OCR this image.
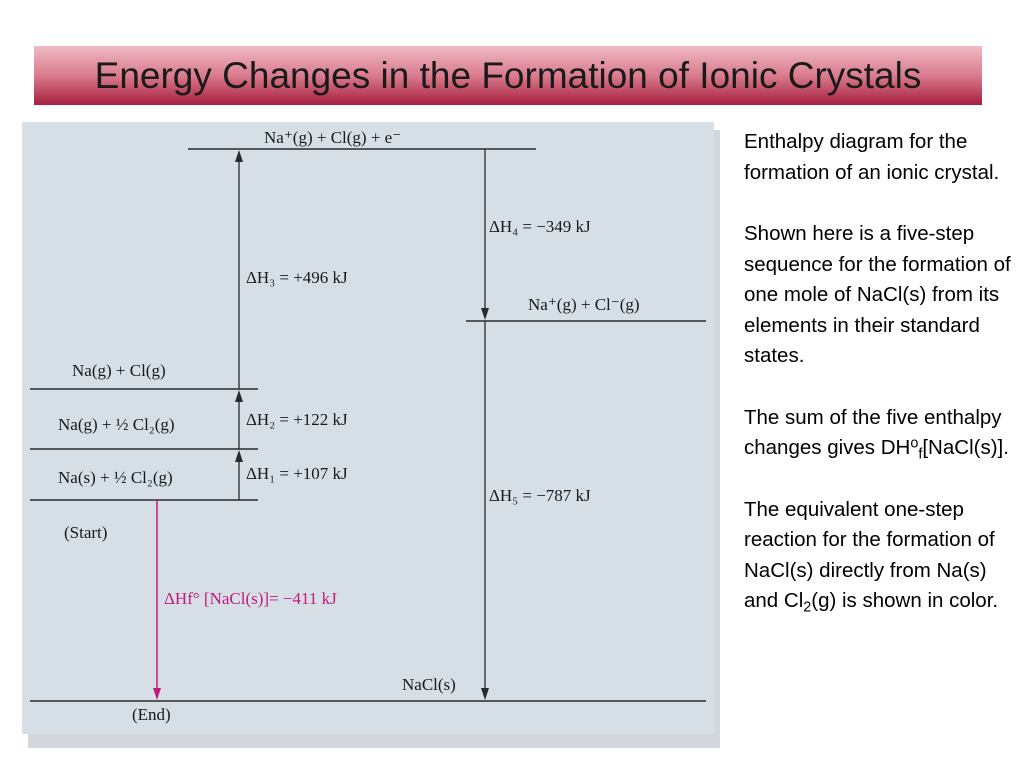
Energy Changes in the Formation of Ionic Crystals
Na⁺(g) + Cl(g) + e⁻
Na⁺(g) + Cl⁻(g)
Na(g) + Cl(g)
Na(g) + ½ Cl₂(g)
Na(s) + ½ Cl₂(g)
NaCl(s)
(Start)
(End)
ΔH₁ = +107 kJ
ΔH₂ = +122 kJ
ΔH₃ = +496 kJ
ΔH₄ = −349 kJ
ΔH₅ = −787 kJ
ΔHf° [NaCl(s)]= −411 kJ

Enthalpy diagram for the formation of an ionic crystal.

Shown here is a five-step sequence for the formation of one mole of NaCl(s) from its elements in their standard states.

The sum of the five enthalpy changes gives $DH^o_f[NaCl(s)]$.

The equivalent one-step reaction for the formation of NaCl(s) directly from Na(s) and $Cl_2(g)$ is shown in color.
